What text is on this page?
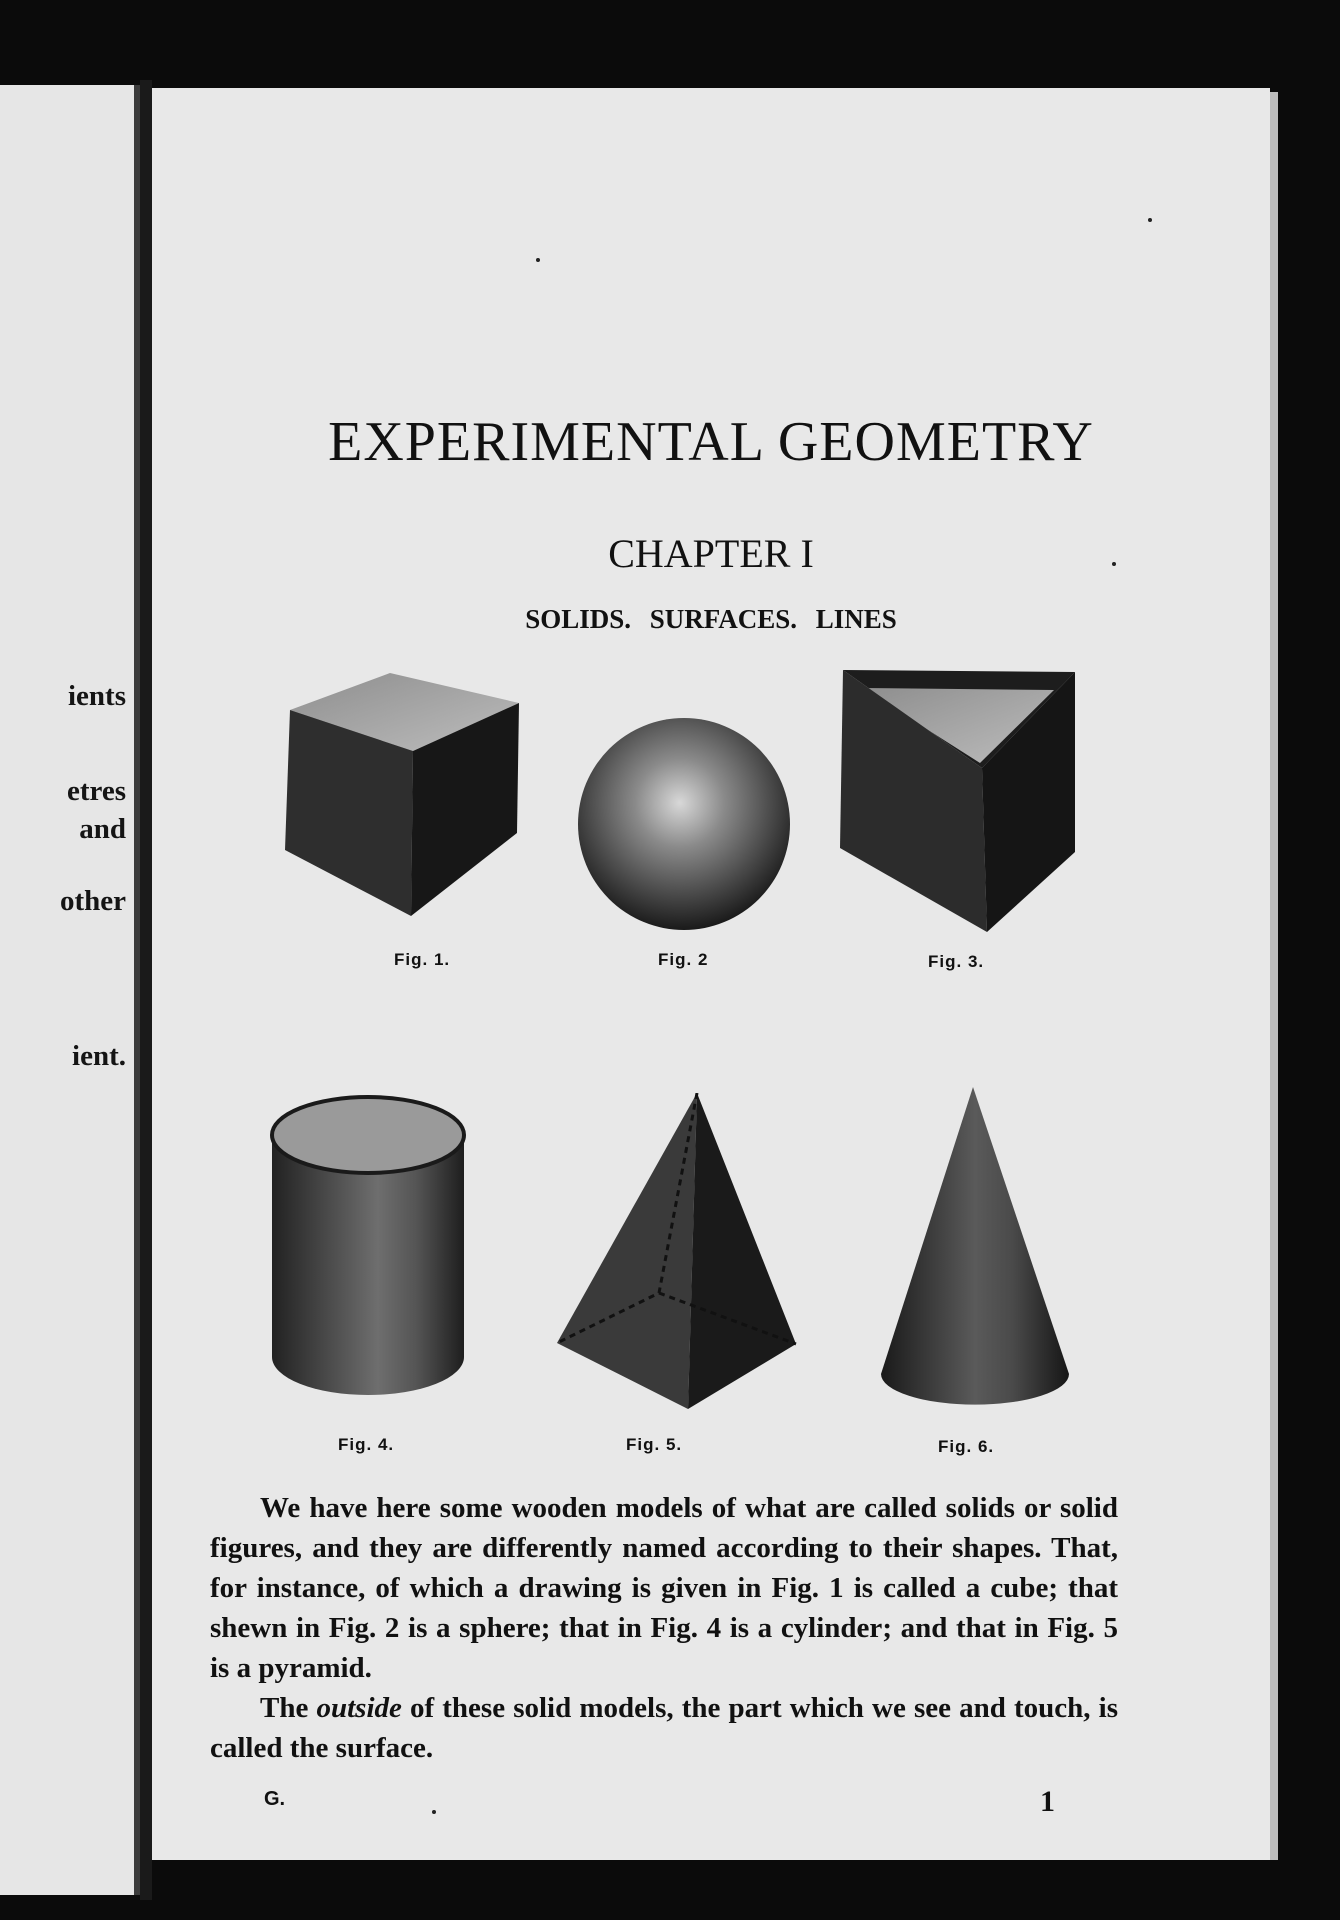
ients
etres
and
other
ient.
EXPERIMENTAL GEOMETRY
CHAPTER I
SOLIDS. SURFACES. LINES
Fig. 1.	Fig. 2	Fig. 3.
Fig. 4.	Fig. 5.	Fig. 6.

We have here some wooden models of what are called solids or solid figures, and they are differently named according to their shapes. That, for instance, of which a drawing is given in Fig. 1 is called a cube; that shewn in Fig. 2 is a sphere; that in Fig. 4 is a cylinder; and that in Fig. 5 is a pyramid.

The outside of these solid models, the part which we see and touch, is called the surface.

G.	1
